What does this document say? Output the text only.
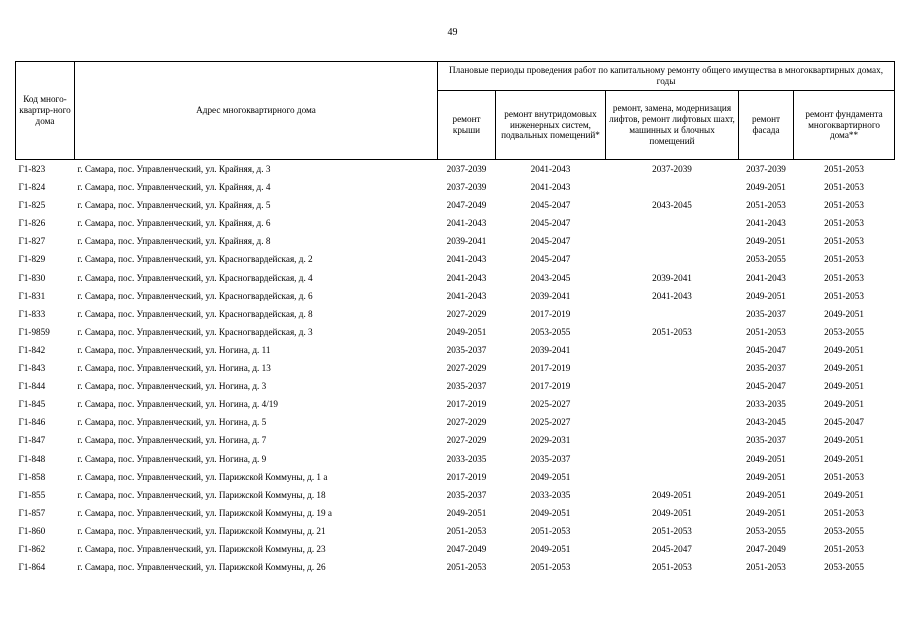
49
Код много-квартир-ного дома	Адрес многоквартирного дома	Плановые периоды проведения работ по капитальному ремонту общего имущества в многоквартирных домах, годы				
		ремонт крыши	ремонт внутридомовых инженерных систем, подвальных помещений*	ремонт, замена, модернизация лифтов, ремонт лифтовых шахт, машинных и блочных помещений	ремонт фасада	ремонт фундамента многоквартирного дома**
Г1-823	г. Самара, пос. Управленческий, ул. Крайняя, д. 3	2037-2039	2041-2043	2037-2039	2037-2039	2051-2053
Г1-824	г. Самара, пос. Управленческий, ул. Крайняя, д. 4	2037-2039	2041-2043		2049-2051	2051-2053
Г1-825	г. Самара, пос. Управленческий, ул. Крайняя, д. 5	2047-2049	2045-2047	2043-2045	2051-2053	2051-2053
Г1-826	г. Самара, пос. Управленческий, ул. Крайняя, д. 6	2041-2043	2045-2047		2041-2043	2051-2053
Г1-827	г. Самара, пос. Управленческий, ул. Крайняя, д. 8	2039-2041	2045-2047		2049-2051	2051-2053
Г1-829	г. Самара, пос. Управленческий, ул. Красногвардейская, д. 2	2041-2043	2045-2047		2053-2055	2051-2053
Г1-830	г. Самара, пос. Управленческий, ул. Красногвардейская, д. 4	2041-2043	2043-2045	2039-2041	2041-2043	2051-2053
Г1-831	г. Самара, пос. Управленческий, ул. Красногвардейская, д. 6	2041-2043	2039-2041	2041-2043	2049-2051	2051-2053
Г1-833	г. Самара, пос. Управленческий, ул. Красногвардейская, д. 8	2027-2029	2017-2019		2035-2037	2049-2051
Г1-9859	г. Самара, пос. Управленческий, ул. Красногвардейская, д. 3	2049-2051	2053-2055	2051-2053	2051-2053	2053-2055
Г1-842	г. Самара, пос. Управленческий, ул. Ногина, д. 11	2035-2037	2039-2041		2045-2047	2049-2051
Г1-843	г. Самара, пос. Управленческий, ул. Ногина, д. 13	2027-2029	2017-2019		2035-2037	2049-2051
Г1-844	г. Самара, пос. Управленческий, ул. Ногина, д. 3	2035-2037	2017-2019		2045-2047	2049-2051
Г1-845	г. Самара, пос. Управленческий, ул. Ногина, д. 4/19	2017-2019	2025-2027		2033-2035	2049-2051
Г1-846	г. Самара, пос. Управленческий, ул. Ногина, д. 5	2027-2029	2025-2027		2043-2045	2045-2047
Г1-847	г. Самара, пос. Управленческий, ул. Ногина, д. 7	2027-2029	2029-2031		2035-2037	2049-2051
Г1-848	г. Самара, пос. Управленческий, ул. Ногина, д. 9	2033-2035	2035-2037		2049-2051	2049-2051
Г1-858	г. Самара, пос. Управленческий, ул. Парижской Коммуны, д. 1 а	2017-2019	2049-2051		2049-2051	2051-2053
Г1-855	г. Самара, пос. Управленческий, ул. Парижской Коммуны, д. 18	2035-2037	2033-2035	2049-2051	2049-2051	2049-2051
Г1-857	г. Самара, пос. Управленческий, ул. Парижской Коммуны, д. 19 а	2049-2051	2049-2051	2049-2051	2049-2051	2051-2053
Г1-860	г. Самара, пос. Управленческий, ул. Парижской Коммуны, д. 21	2051-2053	2051-2053	2051-2053	2053-2055	2053-2055
Г1-862	г. Самара, пос. Управленческий, ул. Парижской Коммуны, д. 23	2047-2049	2049-2051	2045-2047	2047-2049	2051-2053
Г1-864	г. Самара, пос. Управленческий, ул. Парижской Коммуны, д. 26	2051-2053	2051-2053	2051-2053	2051-2053	2053-2055
